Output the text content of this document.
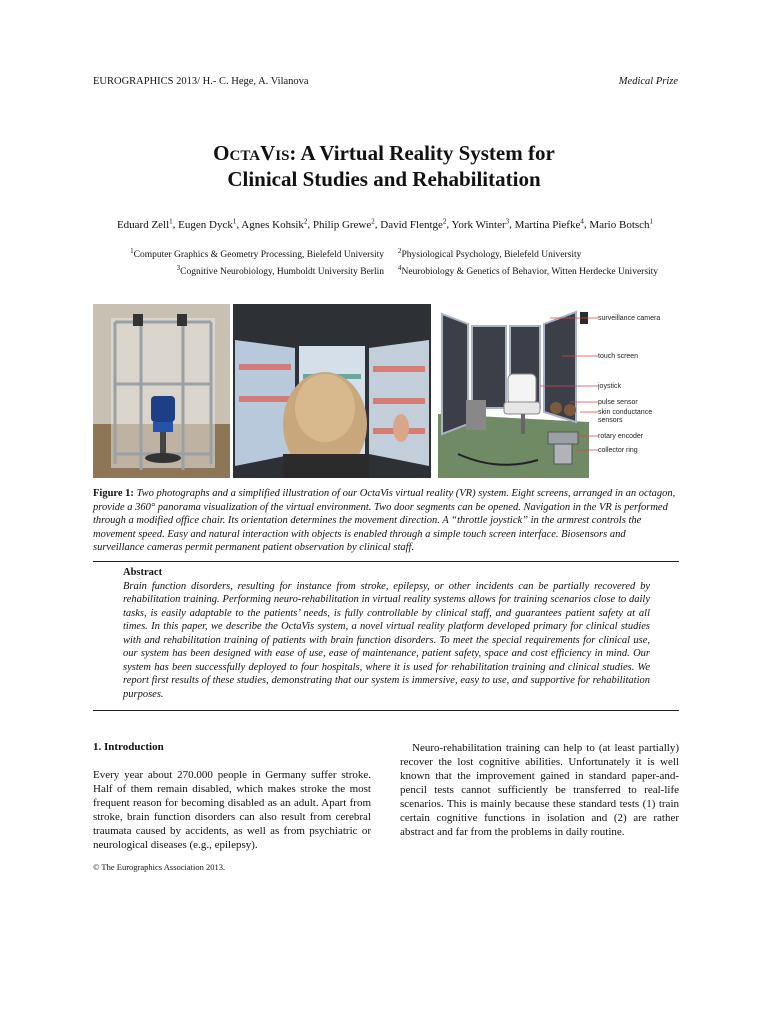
EUROGRAPHICS 2013/ H.- C. Hege, A. Vilanova	Medical Prize
OctaVis: A Virtual Reality System for
Clinical Studies and Rehabilitation
Eduard Zell$^1$, Eugen Dyck$^1$, Agnes Kohsik$^2$, Philip Grewe$^2$, David Flentge$^2$, York Winter$^3$, Martina Piefke$^4$, Mario Botsch$^1$
$^1$Computer Graphics & Geometry Processing, Bielefeld University
$^3$Cognitive Neurobiology, Humboldt University Berlin
$^2$Physiological Psychology, Bielefeld University
$^4$Neurobiology & Genetics of Behavior, Witten Herdecke University
surveillance camera
touch screen
joystick
pulse sensor
skin conductance sensors
rotary encoder
collector ring
Figure 1: Two photographs and a simplified illustration of our OctaVis virtual reality (VR) system. Eight screens, arranged in an octagon, provide a 360° panorama visualization of the virtual environment. Two door segments can be opened. Navigation in the VR is performed through a modified office chair. Its orientation determines the movement direction. A “throttle joystick” in the armrest controls the movement speed. Easy and natural interaction with objects is enabled through a simple touch screen interface. Biosensors and surveillance cameras permit permanent patient observation by clinical staff.
Abstract
Brain function disorders, resulting for instance from stroke, epilepsy, or other incidents can be partially recovered by rehabilitation training. Performing neuro-rehabilitation in virtual reality systems allows for training scenarios close to daily tasks, is easily adaptable to the patients’ needs, is fully controllable by clinical staff, and guarantees patient safety at all times. In this paper, we describe the OctaVis system, a novel virtual reality platform developed primary for clinical studies with and rehabilitation training of patients with brain function disorders. To meet the special requirements for clinical use, our system has been designed with ease of use, ease of maintenance, patient safety, space and cost efficiency in mind. Our system has been successfully deployed to four hospitals, where it is used for rehabilitation training and clinical studies. We report first results of these studies, demonstrating that our system is immersive, easy to use, and supportive for rehabilitation purposes.
1. Introduction
Every year about 270.000 people in Germany suffer stroke. Half of them remain disabled, which makes stroke the most frequent reason for becoming disabled as an adult. Apart from stroke, brain function disorders can also result from cerebral traumata caused by accidents, as well as from psychiatric or neurological diseases (e.g., epilepsy).
Neuro-rehabilitation training can help to (at least partially) recover the lost cognitive abilities. Unfortunately it is well known that the improvement gained in standard paper-and-pencil tests cannot sufficiently be transferred to real-life scenarios. This is mainly because these standard tests (1) train certain cognitive functions in isolation and (2) are rather abstract and far from the problems in daily routine.
© The Eurographics Association 2013.
